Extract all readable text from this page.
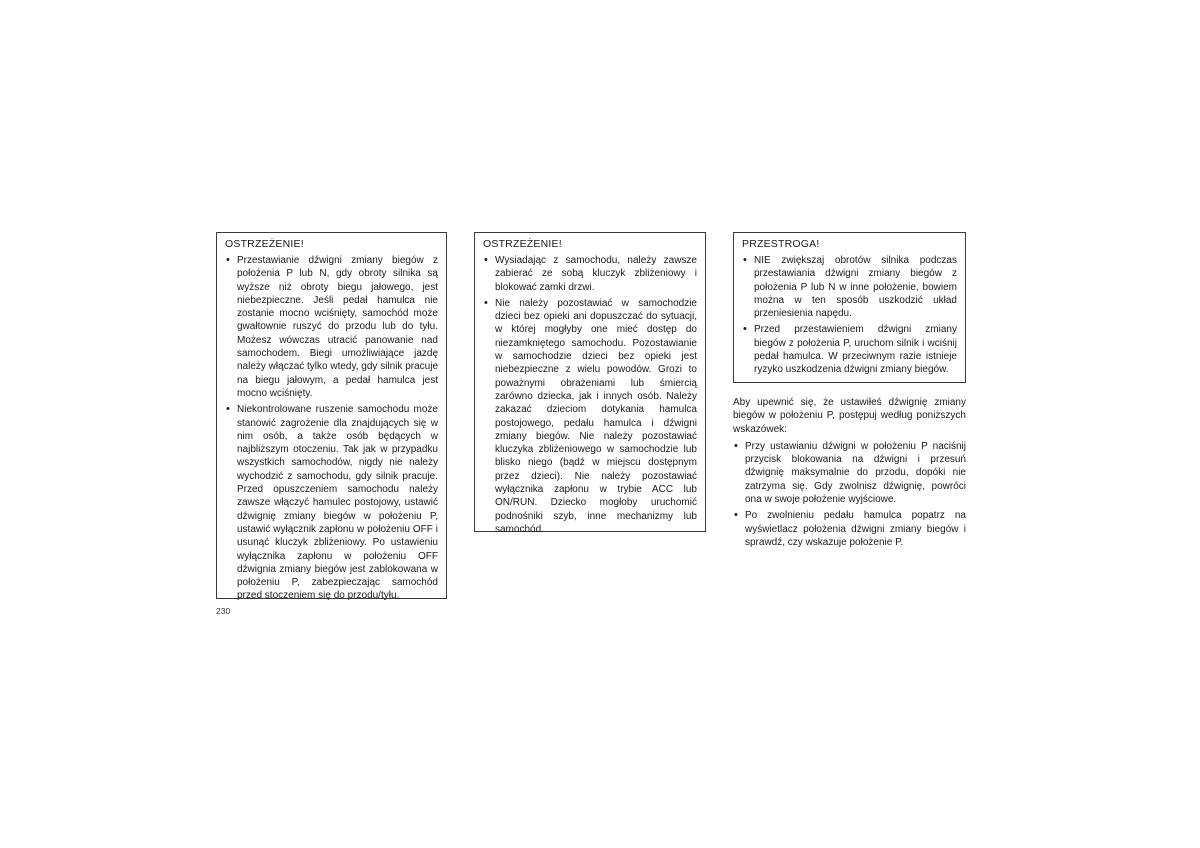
OSTRZEŻENIE!
• Przestawianie dźwigni zmiany biegów z położenia P lub N, gdy obroty silnika są wyższe niż obroty biegu jałowego, jest niebezpieczne. Jeśli pedał hamulca nie zostanie mocno wciśnięty, samochód może gwałtownie ruszyć do przodu lub do tyłu. Możesz wówczas utracić panowanie nad samochodem. Biegi umożliwiające jazdę należy włączać tylko wtedy, gdy silnik pracuje na biegu jałowym, a pedał hamulca jest mocno wciśnięty.
• Niekontrolowane ruszenie samochodu może stanowić zagrożenie dla znajdujących się w nim osób, a także osób będących w najbliższym otoczeniu. Tak jak w przypadku wszystkich samochodów, nigdy nie należy wychodzić z samochodu, gdy silnik pracuje. Przed opuszczeniem samochodu należy zawsze włączyć hamulec postojowy, ustawić dźwignię zmiany biegów w położeniu P, ustawić wyłącznik zapłonu w położeniu OFF i usunąć kluczyk zbliżeniowy. Po ustawieniu wyłącznika zapłonu w położeniu OFF dźwignia zmiany biegów jest zablokowana w położeniu P, zabezpieczając samochód przed stoczeniem się do przodu/tyłu.
OSTRZEŻENIE!
• Wysiadając z samochodu, należy zawsze zabierać ze sobą kluczyk zbliżeniowy i blokować zamki drzwi.
• Nie należy pozostawiać w samochodzie dzieci bez opieki ani dopuszczać do sytuacji, w której mogłyby one mieć dostęp do niezamkniętego samochodu. Pozostawianie w samochodzie dzieci bez opieki jest niebezpieczne z wielu powodów. Grozi to poważnymi obrażeniami lub śmiercią zarówno dziecka, jak i innych osób. Należy zakazać dzieciom dotykania hamulca postojowego, pedału hamulca i dźwigni zmiany biegów. Nie należy pozostawiać kluczyka zbliżeniowego w samochodzie lub blisko niego (bądź w miejscu dostępnym przez dzieci). Nie należy pozostawiać wyłącznika zapłonu w trybie ACC lub ON/RUN. Dziecko mogłoby uruchomić podnośniki szyb, inne mechanizmy lub samochód.
PRZESTROGA!
• NIE zwiększaj obrotów silnika podczas przestawiania dźwigni zmiany biegów z położenia P lub N w inne położenie, bowiem można w ten sposób uszkodzić układ przeniesienia napędu.
• Przed przestawieniem dźwigni zmiany biegów z położenia P, uruchom silnik i wciśnij pedał hamulca. W przeciwnym razie istnieje ryzyko uszkodzenia dźwigni zmiany biegów.
Aby upewnić się, że ustawiłeś dźwignię zmiany biegów w położeniu P, postępuj według poniższych wskazówek:
• Przy ustawianiu dźwigni w położeniu P naciśnij przycisk blokowania na dźwigni i przesuń dźwignię maksymalnie do przodu, dopóki nie zatrzyma się. Gdy zwolnisz dźwignię, powróci ona w swoje położenie wyjściowe.
• Po zwolnieniu pedału hamulca popatrz na wyświetlacz położenia dźwigni zmiany biegów i sprawdź, czy wskazuje położenie P.
230
